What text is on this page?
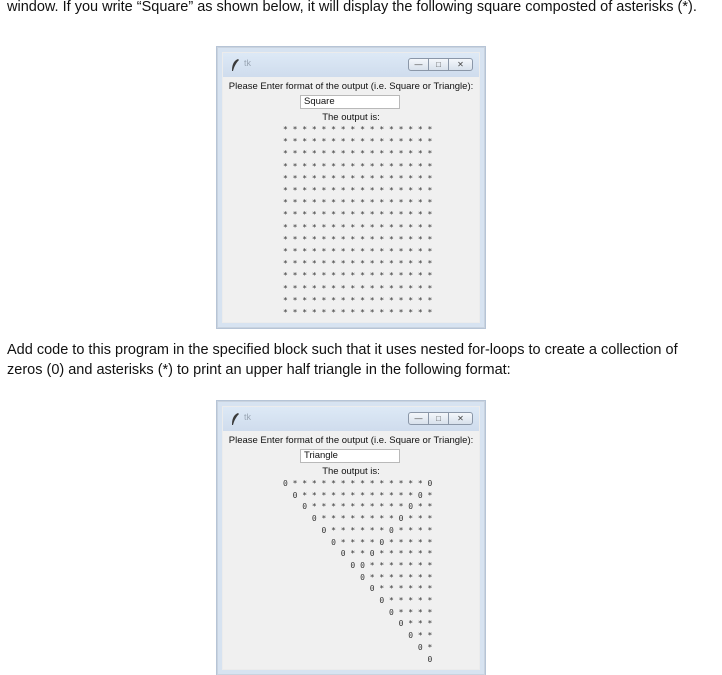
window. If you write “Square” as shown below, it will display the following square composted of asterisks (*).
tk	—	□	✕
Please Enter format of the output (i.e. Square or Triangle):
Square
The output is:
* * * * * * * * * * * * * * * *
* * * * * * * * * * * * * * * *
* * * * * * * * * * * * * * * *
* * * * * * * * * * * * * * * *
* * * * * * * * * * * * * * * *
* * * * * * * * * * * * * * * *
* * * * * * * * * * * * * * * *
* * * * * * * * * * * * * * * *
* * * * * * * * * * * * * * * *
* * * * * * * * * * * * * * * *
* * * * * * * * * * * * * * * *
* * * * * * * * * * * * * * * *
* * * * * * * * * * * * * * * *
* * * * * * * * * * * * * * * *
* * * * * * * * * * * * * * * *
* * * * * * * * * * * * * * * *
Add code to this program in the specified block such that it uses nested for-loops to create a collection of zeros (0) and asterisks (*) to print an upper half triangle in the following format:
tk	—	□	✕
Please Enter format of the output (i.e. Square or Triangle):
Triangle
The output is:
0 * * * * * * * * * * * * * * 0
0 * * * * * * * * * * * * 0 *
0 * * * * * * * * * * 0 * *
0 * * * * * * * * 0 * * *
0 * * * * * * 0 * * * *
0 * * * * 0 * * * * *
0 * * 0 * * * * * *
0 0 * * * * * * *
0 * * * * * * *
0 * * * * * *
0 * * * * *
0 * * * *
0 * * *
0 * *
0 *
0
